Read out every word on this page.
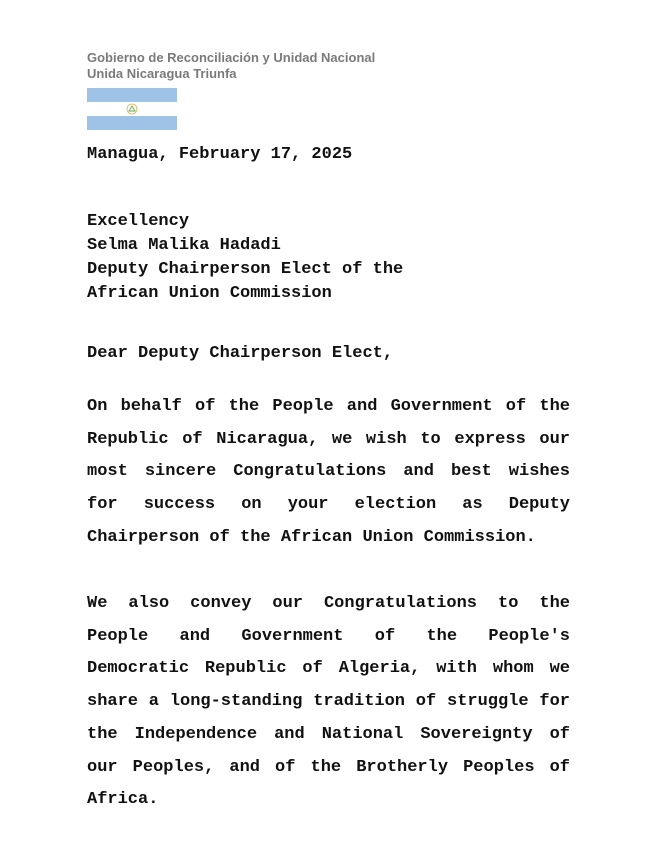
Gobierno de Reconciliación y Unidad Nacional
Unida Nicaragua Triunfa

Managua, February 17, 2025

Excellency
Selma Malika Hadadi
Deputy Chairperson Elect of the
African Union Commission

Dear Deputy Chairperson Elect,

On behalf of the People and Government of the Republic of Nicaragua, we wish to express our most sincere Congratulations and best wishes for success on your election as Deputy Chairperson of the African Union Commission.

We also convey our Congratulations to the People and Government of the People's Democratic Republic of Algeria, with whom we share a long-standing tradition of struggle for the Independence and National Sovereignty of our Peoples, and of the Brotherly Peoples of Africa.
